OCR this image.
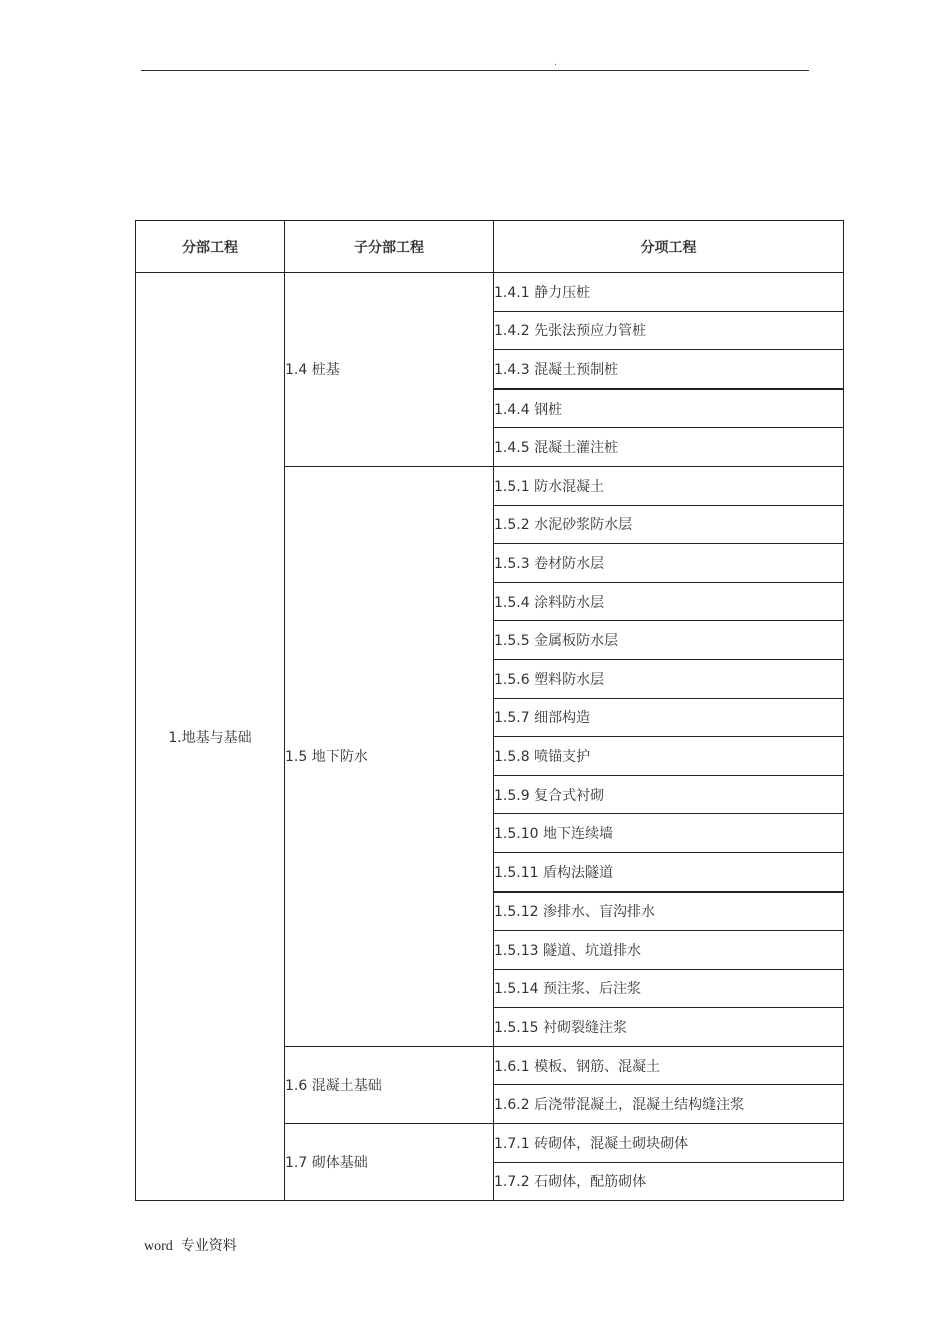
.
分部工程	子分部工程	分项工程
1.地基与基础	1.4 桩基	1.4.1 静力压桩
		1.4.2 先张法预应力管桩
		1.4.3 混凝土预制桩
		1.4.4 钢桩
		1.4.5 混凝土灌注桩
	1.5 地下防水	1.5.1 防水混凝土
		1.5.2 水泥砂浆防水层
		1.5.3 卷材防水层
		1.5.4 涂料防水层
		1.5.5 金属板防水层
		1.5.6 塑料防水层
		1.5.7 细部构造
		1.5.8 喷锚支护
		1.5.9 复合式衬砌
		1.5.10 地下连续墙
		1.5.11 盾构法隧道
		1.5.12 渗排水、盲沟排水
		1.5.13 隧道、坑道排水
		1.5.14 预注浆、后注浆
		1.5.15 衬砌裂缝注浆
	1.6 混凝土基础	1.6.1 模板、钢筋、混凝土
		1.6.2 后浇带混凝土，混凝土结构缝注浆
	1.7 砌体基础	1.7.1 砖砌体，混凝土砌块砌体
		1.7.2 石砌体，配筋砌体
word 专业资料
